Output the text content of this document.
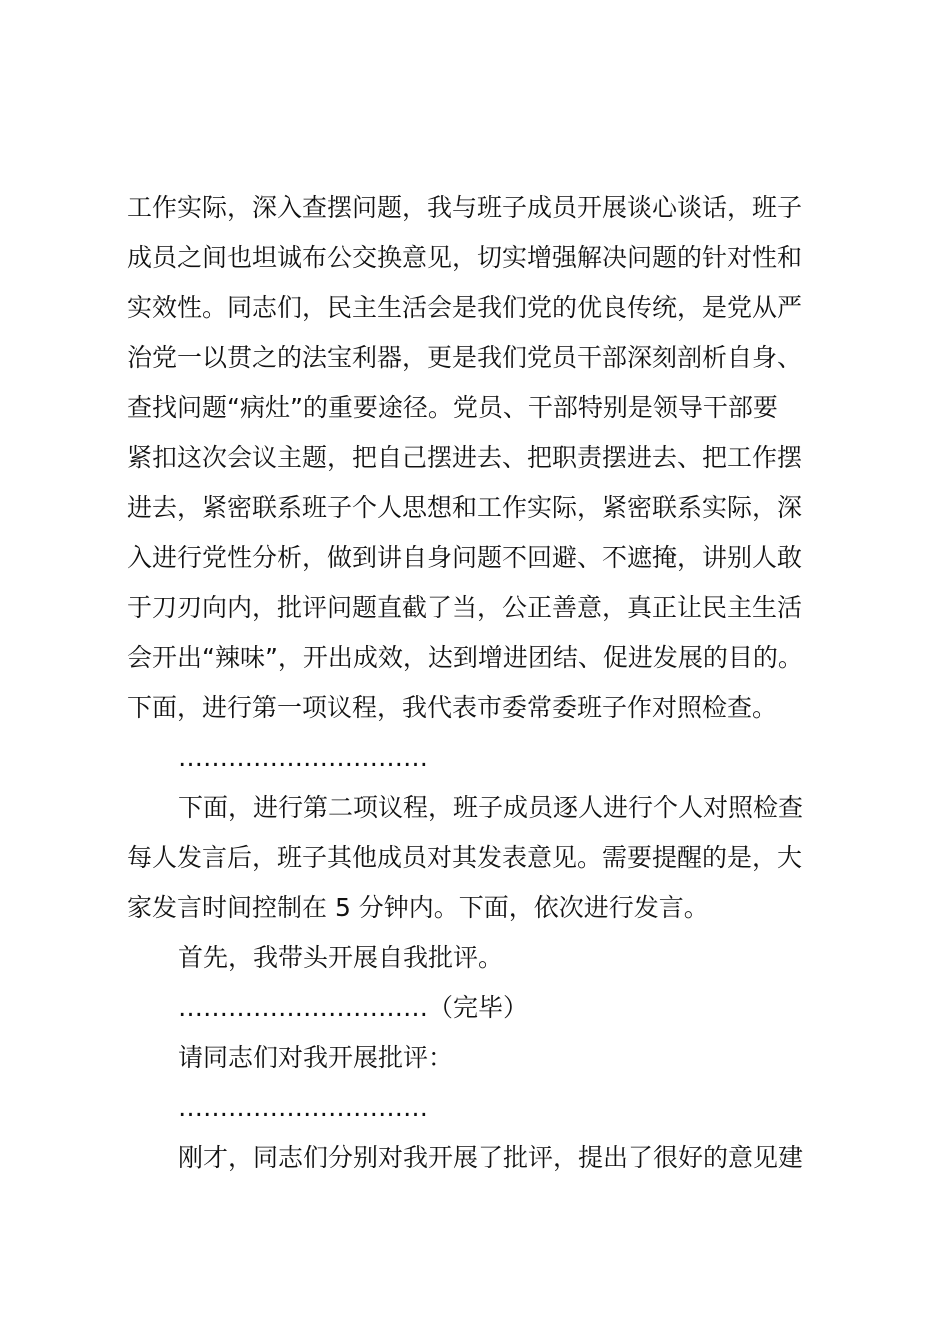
工作实际，深入查摆问题，我与班子成员开展谈心谈话，班子
成员之间也坦诚布公交换意见，切实增强解决问题的针对性和
实效性。同志们，民主生活会是我们党的优良传统，是党从严
治党一以贯之的法宝利器，更是我们党员干部深刻剖析自身、
查找问题“病灶”的重要途径。党员、干部特别是领导干部要
紧扣这次会议主题，把自己摆进去、把职责摆进去、把工作摆
进去，紧密联系班子个人思想和工作实际，紧密联系实际，深
入进行党性分析，做到讲自身问题不回避、不遮掩，讲别人敢
于刀刃向内，批评问题直截了当，公正善意，真正让民主生活
会开出“辣味”，开出成效，达到增进团结、促进发展的目的。
下面，进行第一项议程，我代表市委常委班子作对照检查。
…………………………
下面，进行第二项议程，班子成员逐人进行个人对照检查
每人发言后，班子其他成员对其发表意见。需要提醒的是，大
家发言时间控制在 5 分钟内。下面，依次进行发言。
首先，我带头开展自我批评。
…………………………（完毕）
请同志们对我开展批评：
…………………………
刚才，同志们分别对我开展了批评，提出了很好的意见建
